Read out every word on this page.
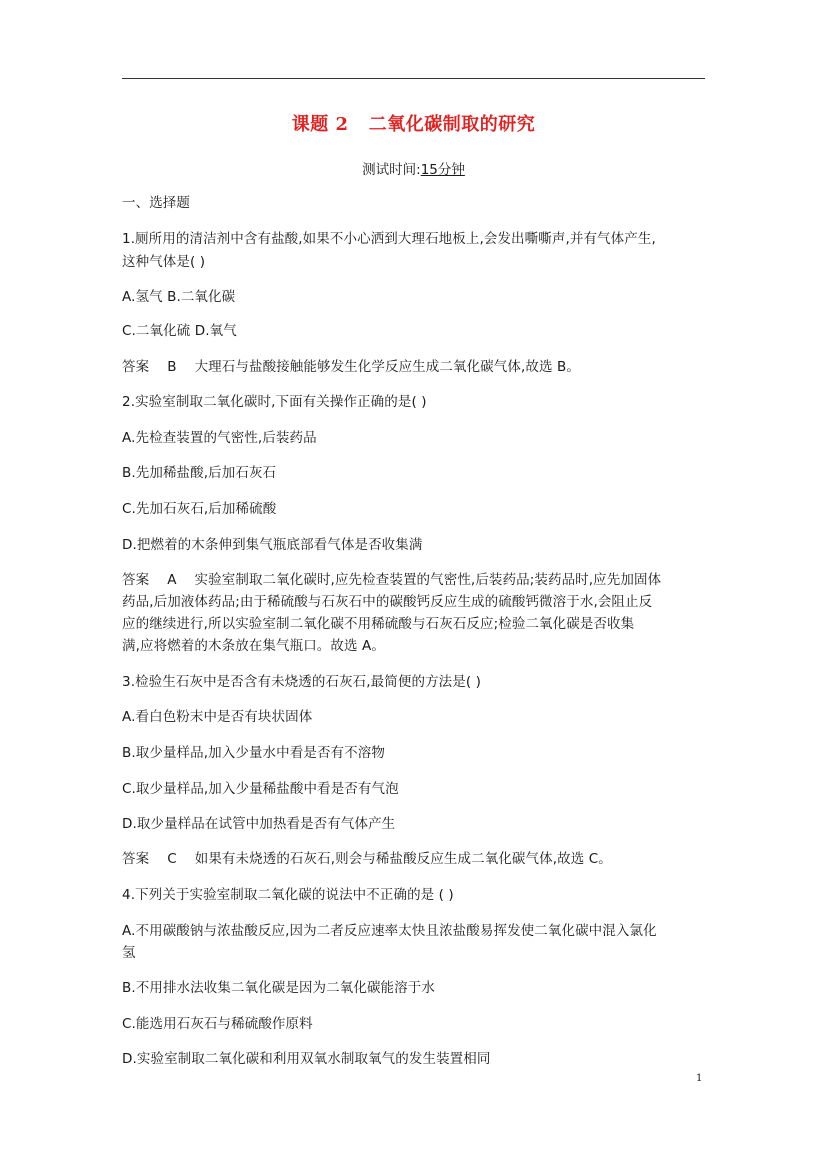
课题 2   二氧化碳制取的研究
测试时间:15分钟
一、选择题
1.厕所用的清洁剂中含有盐酸,如果不小心洒到大理石地板上,会发出嘶嘶声,并有气体产生,
这种气体是( )
A.氢气 B.二氧化碳
C.二氧化硫 D.氧气
答案 B 大理石与盐酸接触能够发生化学反应生成二氧化碳气体,故选 B。
2.实验室制取二氧化碳时,下面有关操作正确的是( )
A.先检查装置的气密性,后装药品
B.先加稀盐酸,后加石灰石
C.先加石灰石,后加稀硫酸
D.把燃着的木条伸到集气瓶底部看气体是否收集满
答案 A 实验室制取二氧化碳时,应先检查装置的气密性,后装药品;装药品时,应先加固体
药品,后加液体药品;由于稀硫酸与石灰石中的碳酸钙反应生成的硫酸钙微溶于水,会阻止反
应的继续进行,所以实验室制二氧化碳不用稀硫酸与石灰石反应;检验二氧化碳是否收集
满,应将燃着的木条放在集气瓶口。故选 A。
3.检验生石灰中是否含有未烧透的石灰石,最简便的方法是( )
A.看白色粉末中是否有块状固体
B.取少量样品,加入少量水中看是否有不溶物
C.取少量样品,加入少量稀盐酸中看是否有气泡
D.取少量样品在试管中加热看是否有气体产生
答案 C 如果有未烧透的石灰石,则会与稀盐酸反应生成二氧化碳气体,故选 C。
4.下列关于实验室制取二氧化碳的说法中不正确的是 ( )
A.不用碳酸钠与浓盐酸反应,因为二者反应速率太快且浓盐酸易挥发使二氧化碳中混入氯化
氢
B.不用排水法收集二氧化碳是因为二氧化碳能溶于水
C.能选用石灰石与稀硫酸作原料
D.实验室制取二氧化碳和利用双氧水制取氧气的发生装置相同
1
